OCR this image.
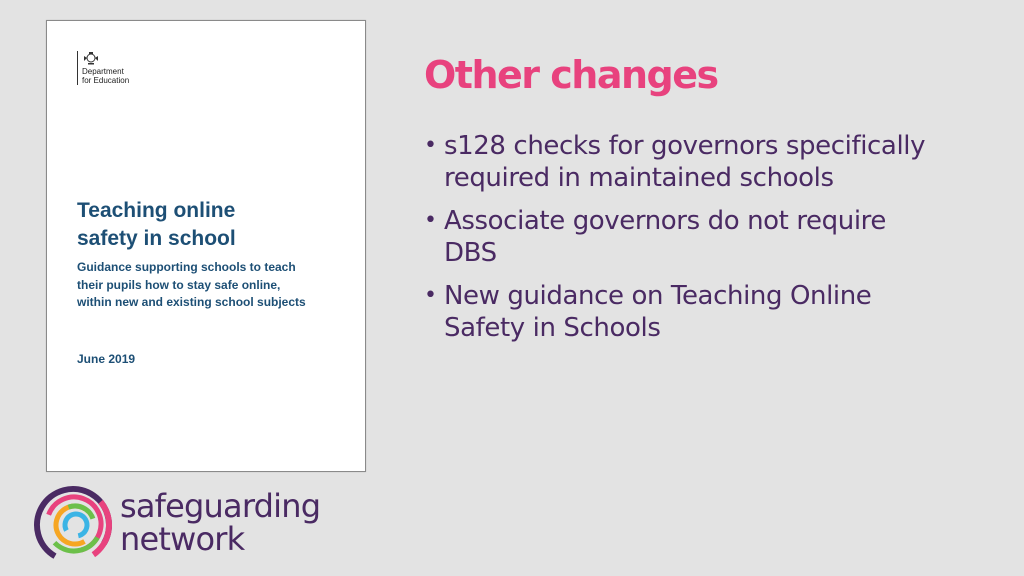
Department
for Education
Teaching online
safety in school
Guidance supporting schools to teach
their pupils how to stay safe online,
within new and existing school subjects
June 2019
Other changes
• s128 checks for governors specifically
required in maintained schools
• Associate governors do not require
DBS
• New guidance on Teaching Online
Safety in Schools
safeguarding
network
